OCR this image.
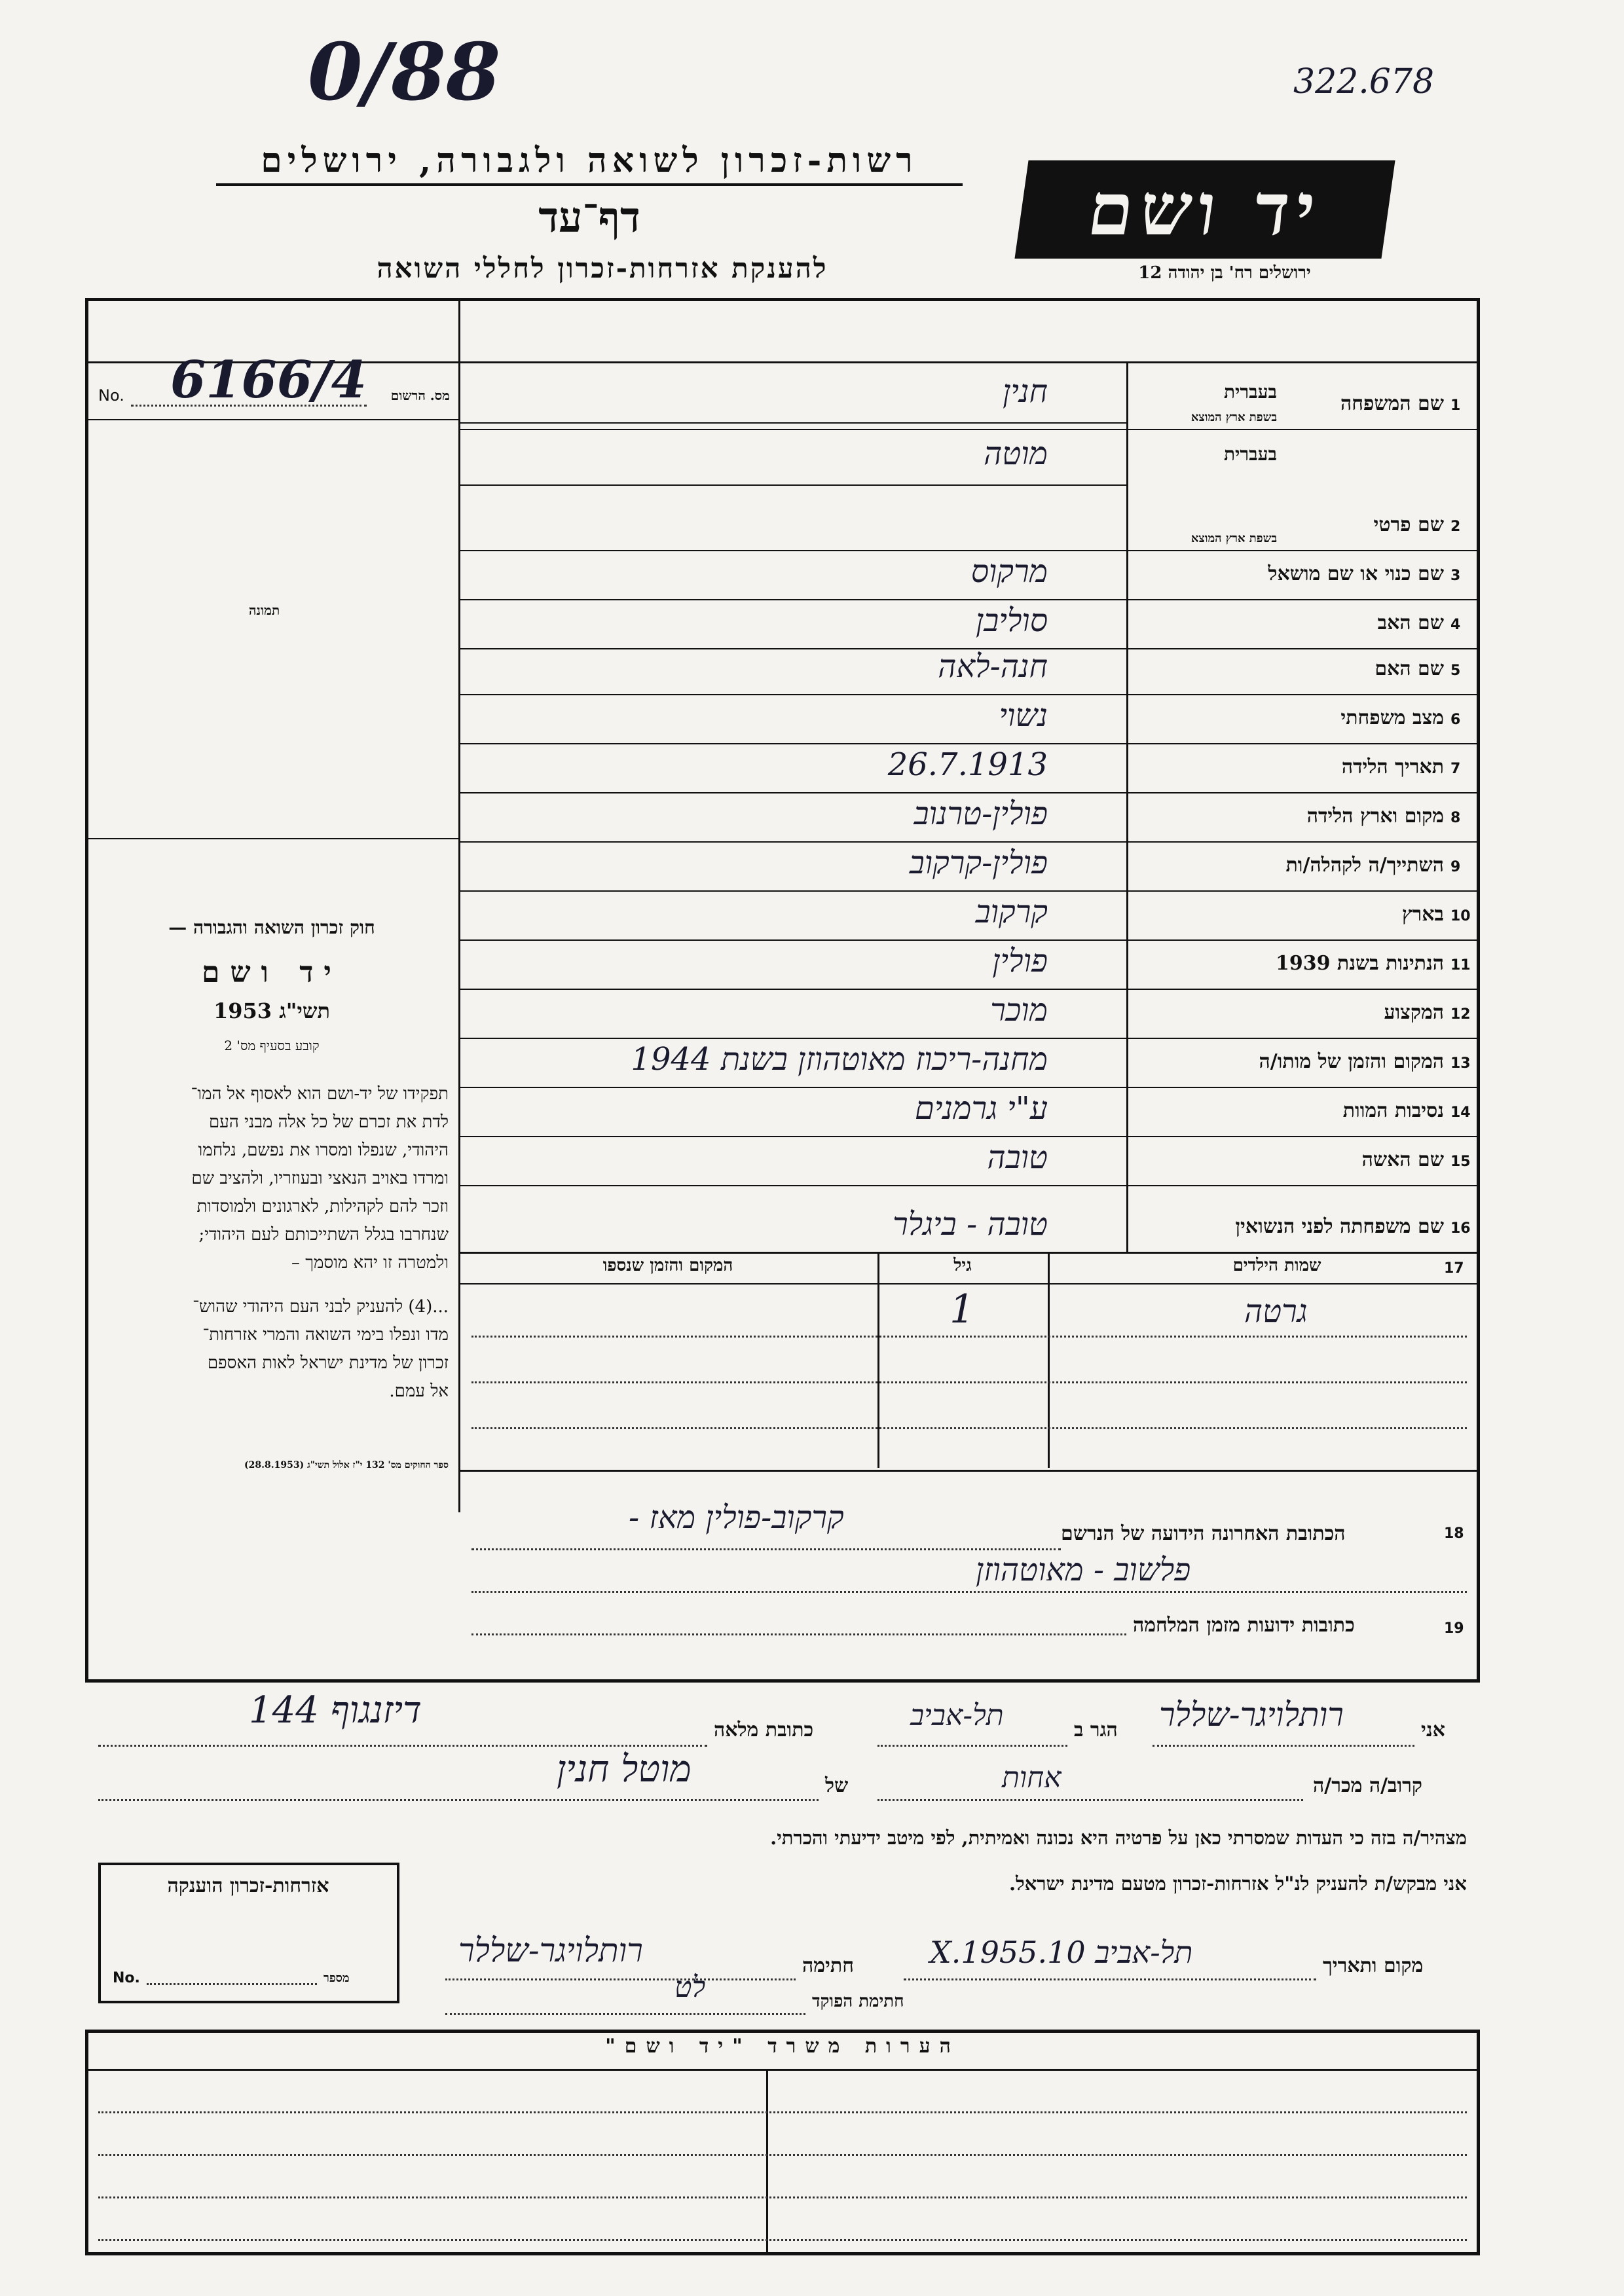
0/88	322.678
רשות-זכרון לשואה ולגבורה, ירושלים
דף־עד
להענקת אזרחות-זכרון לחללי השואה
יד ושם
ירושלים רח' בן יהודה 12
No.	מס. הרשום
6166/4
תמונה
חוק זכרון השואה והגבורה —
יד ושם
תשי"ג 1953
קובע בסעיף מס' 2
תפקידו של יד-ושם הוא לאסוף אל המו־
לדת את זכרם של כל אלה מבני העם
היהודי, שנפלו ומסרו את נפשם, נלחמו
ומרדו באויב הנאצי ובעוזריו, ולהציב שם
וזכר להם לקהילות, לארגונים ולמוסדות
שנחרבו בגלל השתייכותם לעם היהודי;
ולמטרה זו יהא מוסמך –
...(4) להעניק לבני העם היהודי שהוש־
מדו ונפלו בימי השואה והמרי אזרחות־
זכרון של מדינת ישראל לאות האספם
אל עמם.
ספר החוקים מס' 132 י"ז אלול תשי"ג (28.8.1953)
1
שם המשפחה
בעברית
בשפת ארץ המוצא
חנין
2
שם פרטי
בעברית
בשפת ארץ המוצא
מוטה
3
שם כנוי או שם מושאל
מרקוס
4
שם האב
סוליבן
5
שם האם
חנה-לאה
6
מצב משפחתי
נשוי
7
תאריך הלידה
26.7.1913
8
מקום וארץ הלידה
פולין-טרנוב
9
השתייך/ה לקהלה/ות
פולין-קרקוב
10
בארץ
קרקוב
11
הנתינות בשנת 1939
פולין
12
המקצוע
מוכר
13
המקום והזמן של מותו/ה
מחנה-ריכוז מאוטהוזן בשנת 1944
14
נסיבות המוות
ע"י גרמנים
15
שם האשה
טובה
16
שם משפחתה לפני הנשואין
טובה - ביגלר
17
שמות הילדים
גיל
המקום והזמן שנספו
גרטה
1
18
הכתובת האחרונה הידועה של הנרשם
קרקוב-פולין מאז -
פלשוב - מאוטהוזן
19
כתובות ידועות מזמן המלחמה
אני
רותלויגר-שללר
הגר ב
תל-אביב
כתובת מלאה
דיזנגוף 144
קרוב/ה מכר/ה
אחות
של
מוטל חנין
מצהיר/ה בזה כי העדות שמסרתי כאן על פרטיה היא נכונה ואמיתית, לפי מיטב ידיעתי והכרתי.
אני מבקש/ת להעניק לנ"ל אזרחות-זכרון מטעם מדינת ישראל.
מקום ותאריך
תל-אביב 10.X.1955
חתימה
רותלויגר-שללר
חתימת הפוקד
לט
אזרחות-זכרון הוענקה
No.	מספר
הערות משרד "יד ושם"
